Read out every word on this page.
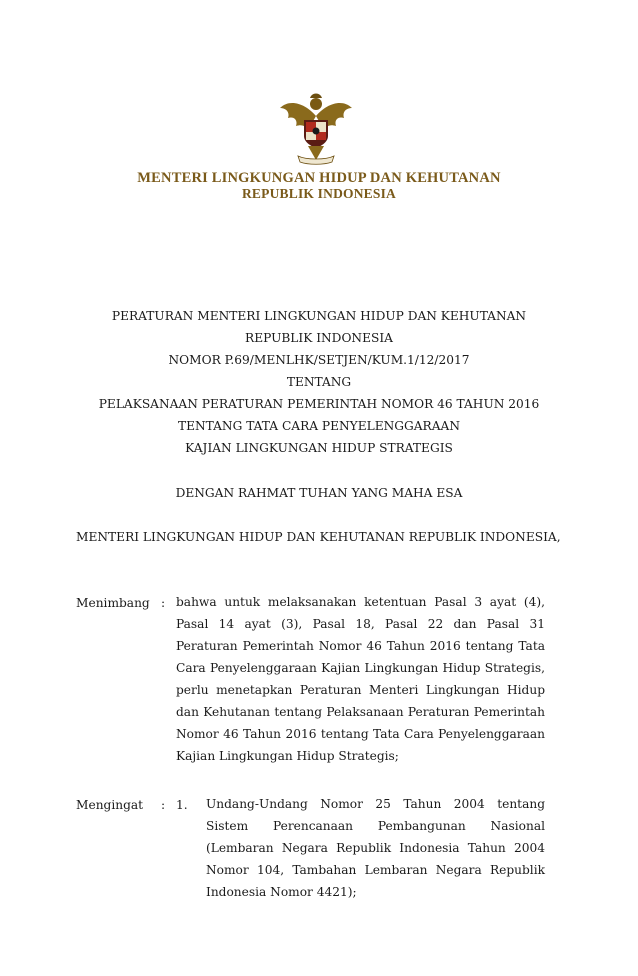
MENTERI LINGKUNGAN HIDUP DAN KEHUTANAN
REPUBLIK INDONESIA
PERATURAN MENTERI LINGKUNGAN HIDUP DAN KEHUTANAN
REPUBLIK INDONESIA
NOMOR P.69/MENLHK/SETJEN/KUM.1/12/2017
TENTANG
PELAKSANAAN PERATURAN PEMERINTAH NOMOR 46 TAHUN 2016
TENTANG TATA CARA PENYELENGGARAAN
KAJIAN LINGKUNGAN HIDUP STRATEGIS
DENGAN RAHMAT TUHAN YANG MAHA ESA
MENTERI LINGKUNGAN HIDUP DAN KEHUTANAN REPUBLIK INDONESIA,
Menimbang : bahwa untuk melaksanakan ketentuan Pasal 3 ayat (4),
Pasal 14 ayat (3), Pasal 18, Pasal 22 dan Pasal 31
Peraturan Pemerintah Nomor 46 Tahun 2016 tentang Tata
Cara Penyelenggaraan Kajian Lingkungan Hidup Strategis,
perlu menetapkan Peraturan Menteri Lingkungan Hidup
dan Kehutanan tentang Pelaksanaan Peraturan Pemerintah
Nomor 46 Tahun 2016 tentang Tata Cara Penyelenggaraan
Kajian Lingkungan Hidup Strategis;
Mengingat : 1. Undang-Undang Nomor 25 Tahun 2004 tentang
Sistem Perencanaan Pembangunan Nasional
(Lembaran Negara Republik Indonesia Tahun 2004
Nomor 104, Tambahan Lembaran Negara Republik
Indonesia Nomor 4421);
